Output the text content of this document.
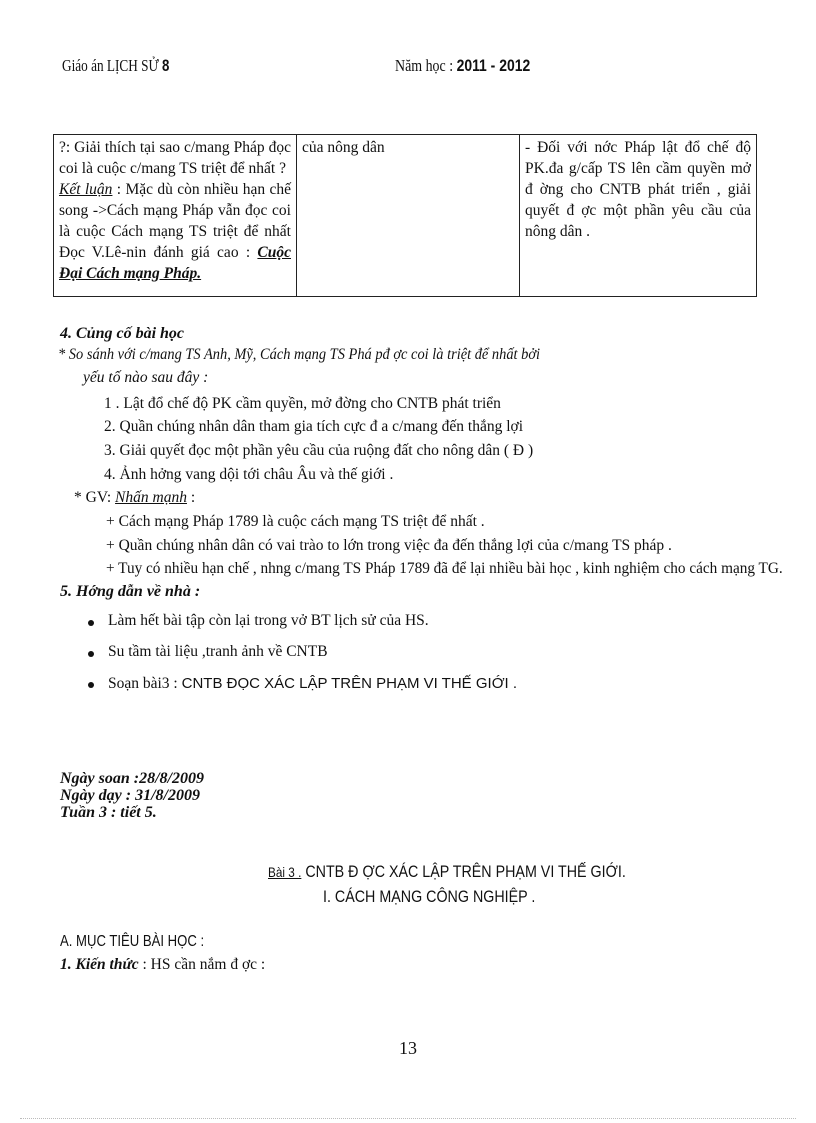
Giáo án LỊCH SỬ 8	Năm học : 2011 - 2012
?: Giải thích tại sao c/mang Pháp đọc coi là cuộc c/mang TS triệt để nhất ?
Kết luận : Mặc dù còn nhiều hạn chế song ->Cách mạng Pháp vẫn đọc coi là cuộc Cách mạng TS triệt để nhất Đọc V.Lê-nin đánh giá cao : Cuộc Đại Cách mạng Pháp.	của nông dân	- Đối với nớc Pháp lật đổ chế độ PK.đa g/cấp TS lên cầm quyền mở đ ờng cho CNTB phát triển , giải quyết đ ợc một phần yêu cầu của nông dân .
4. Củng cố bài học
* So sánh với c/mang TS Anh, Mỹ, Cách mạng TS Phá pđ ợc coi là triệt để nhất bởi
yếu tố nào sau đây :
1 . Lật đổ chế độ PK cầm quyền, mở đờng cho CNTB phát triển
2. Quần chúng nhân dân tham gia tích cực đ a c/mang đến thắng lợi
3. Giải quyết đọc một phần yêu cầu của ruộng đất cho nông dân ( Đ )
4. Ảnh hởng vang dội tới châu Âu và thế giới .
* GV: Nhấn mạnh :
+ Cách mạng Pháp 1789 là cuộc cách mạng TS triệt để nhất .
+ Quần chúng nhân dân có vai trào to lớn trong việc đa đến thắng lợi của c/mang TS pháp .
+ Tuy có nhiều hạn chế , nhng c/mang TS Pháp 1789 đã để lại nhiều bài học , kinh nghiệm cho cách mạng TG.
5. Hớng dẫn về nhà :
Làm hết bài tập còn lại trong vở BT lịch sử của HS.
Su tầm tài liệu ,tranh ảnh về CNTB
Soạn bài3 : CNTB ĐỌC XÁC LẬP TRÊN PHẠM VI THẾ GIỚI .
Ngày soan :28/8/2009
Ngày dạy : 31/8/2009
Tuần 3 : tiết 5.
Bài 3 . CNTB Đ ỢC XÁC LẬP TRÊN PHẠM VI THẾ GIỚI.
I. CÁCH MẠNG CÔNG NGHIỆP .
A. MỤC TIÊU BÀI HỌC :
1. Kiến thức : HS cần nắm đ ợc :
13
